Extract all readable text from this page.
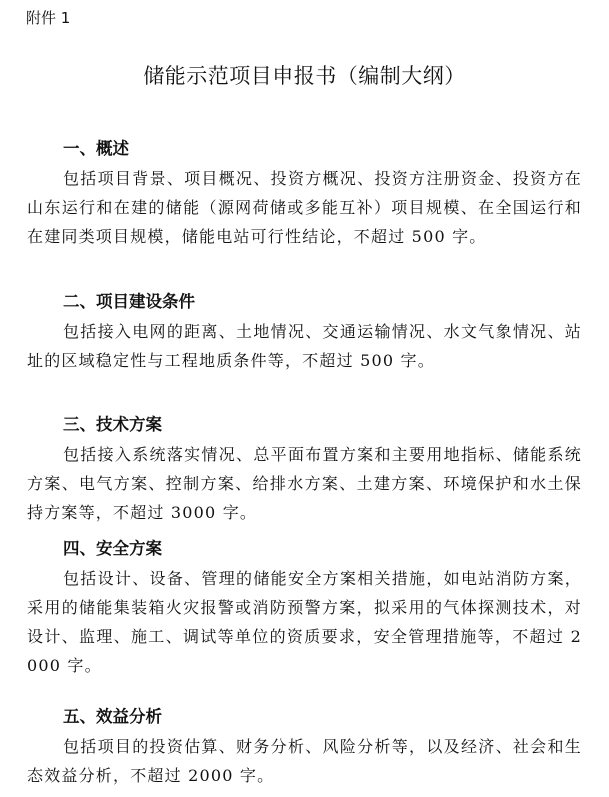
附件 1
储能示范项目申报书（编制大纲）
一、概述

包括项目背景、项目概况、投资方概况、投资方注册资金、投资方在山东运行和在建的储能（源网荷储或多能互补）项目规模、在全国运行和在建同类项目规模，储能电站可行性结论，不超过 500 字。

二、项目建设条件

包括接入电网的距离、土地情况、交通运输情况、水文气象情况、站址的区域稳定性与工程地质条件等，不超过 500 字。

三、技术方案

包括接入系统落实情况、总平面布置方案和主要用地指标、储能系统方案、电气方案、控制方案、给排水方案、土建方案、环境保护和水土保持方案等，不超过 3000 字。

四、安全方案

包括设计、设备、管理的储能安全方案相关措施，如电站消防方案，采用的储能集装箱火灾报警或消防预警方案，拟采用的气体探测技术，对设计、监理、施工、调试等单位的资质要求，安全管理措施等，不超过 2000 字。

五、效益分析

包括项目的投资估算、财务分析、风险分析等，以及经济、社会和生态效益分析，不超过 2000 字。
